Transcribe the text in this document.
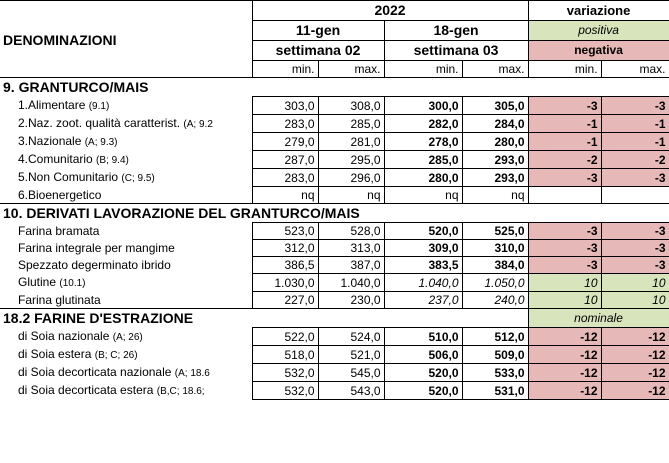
	2022				variazione	
DENOMINAZIONI	11-gen		18-gen		positiva	
	settimana 02		settimana 03		negativa	
	min.	max.	min.	max.	min.	max.
9. GRANTURCO/MAIS						
1.Alimentare (9.1)	303,0	308,0	300,0	305,0	-3	-3
2.Naz. zoot. qualità caratterist. (A; 9.2	283,0	285,0	282,0	284,0	-1	-1
3.Nazionale (A; 9.3)	279,0	281,0	278,0	280,0	-1	-1
4.Comunitario (B; 9.4)	287,0	295,0	285,0	293,0	-2	-2
5.Non Comunitario (C; 9.5)	283,0	296,0	280,0	293,0	-3	-3
6.Bioenergetico	nq	nq	nq	nq		
10. DERIVATI LAVORAZIONE DEL GRANTURCO/MAIS						
Farina bramata	523,0	528,0	520,0	525,0	-3	-3
Farina integrale per mangime	312,0	313,0	309,0	310,0	-3	-3
Spezzato degerminato ibrido	386,5	387,0	383,5	384,0	-3	-3
Glutine (10.1)	1.030,0	1.040,0	1.040,0	1.050,0	10	10
Farina glutinata	227,0	230,0	237,0	240,0	10	10
18.2 FARINE D'ESTRAZIONE					nominale	
di Soia nazionale (A; 26)	522,0	524,0	510,0	512,0	-12	-12
di Soia estera (B; C; 26)	518,0	521,0	506,0	509,0	-12	-12
di Soia decorticata nazionale (A; 18.6	532,0	545,0	520,0	533,0	-12	-12
di Soia decorticata estera (B,C; 18.6;	532,0	543,0	520,0	531,0	-12	-12
